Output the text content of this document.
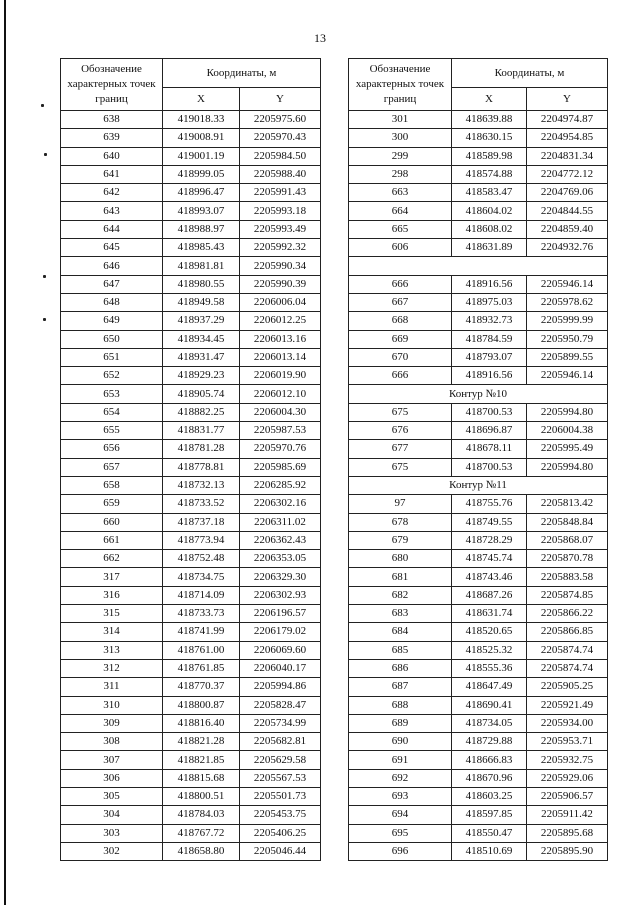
13
Обозначение характерных точек границ	Координаты, м	
	X	Y
638	419018.33	2205975.60
639	419008.91	2205970.43
640	419001.19	2205984.50
641	418999.05	2205988.40
642	418996.47	2205991.43
643	418993.07	2205993.18
644	418988.97	2205993.49
645	418985.43	2205992.32
646	418981.81	2205990.34
647	418980.55	2205990.39
648	418949.58	2206006.04
649	418937.29	2206012.25
650	418934.45	2206013.16
651	418931.47	2206013.14
652	418929.23	2206019.90
653	418905.74	2206012.10
654	418882.25	2206004.30
655	418831.77	2205987.53
656	418781.28	2205970.76
657	418778.81	2205985.69
658	418732.13	2206285.92
659	418733.52	2206302.16
660	418737.18	2206311.02
661	418773.94	2206362.43
662	418752.48	2206353.05
317	418734.75	2206329.30
316	418714.09	2206302.93
315	418733.73	2206196.57
314	418741.99	2206179.02
313	418761.00	2206069.60
312	418761.85	2206040.17
311	418770.37	2205994.86
310	418800.87	2205828.47
309	418816.40	2205734.99
308	418821.28	2205682.81
307	418821.85	2205629.58
306	418815.68	2205567.53
305	418800.51	2205501.73
304	418784.03	2205453.75
303	418767.72	2205406.25
302	418658.80	2205046.44
Обозначение характерных точек границ	Координаты, м	
	X	Y
301	418639.88	2204974.87
300	418630.15	2204954.85
299	418589.98	2204831.34
298	418574.88	2204772.12
663	418583.47	2204769.06
664	418604.02	2204844.55
665	418608.02	2204859.40
606	418631.89	2204932.76

666	418916.56	2205946.14
667	418975.03	2205978.62
668	418932.73	2205999.99
669	418784.59	2205950.79
670	418793.07	2205899.55
666	418916.56	2205946.14
Контур №10		
675	418700.53	2205994.80
676	418696.87	2206004.38
677	418678.11	2205995.49
675	418700.53	2205994.80
Контур №11		
97	418755.76	2205813.42
678	418749.55	2205848.84
679	418728.29	2205868.07
680	418745.74	2205870.78
681	418743.46	2205883.58
682	418687.26	2205874.85
683	418631.74	2205866.22
684	418520.65	2205866.85
685	418525.32	2205874.74
686	418555.36	2205874.74
687	418647.49	2205905.25
688	418690.41	2205921.49
689	418734.05	2205934.00
690	418729.88	2205953.71
691	418666.83	2205932.75
692	418670.96	2205929.06
693	418603.25	2205906.57
694	418597.85	2205911.42
695	418550.47	2205895.68
696	418510.69	2205895.90
